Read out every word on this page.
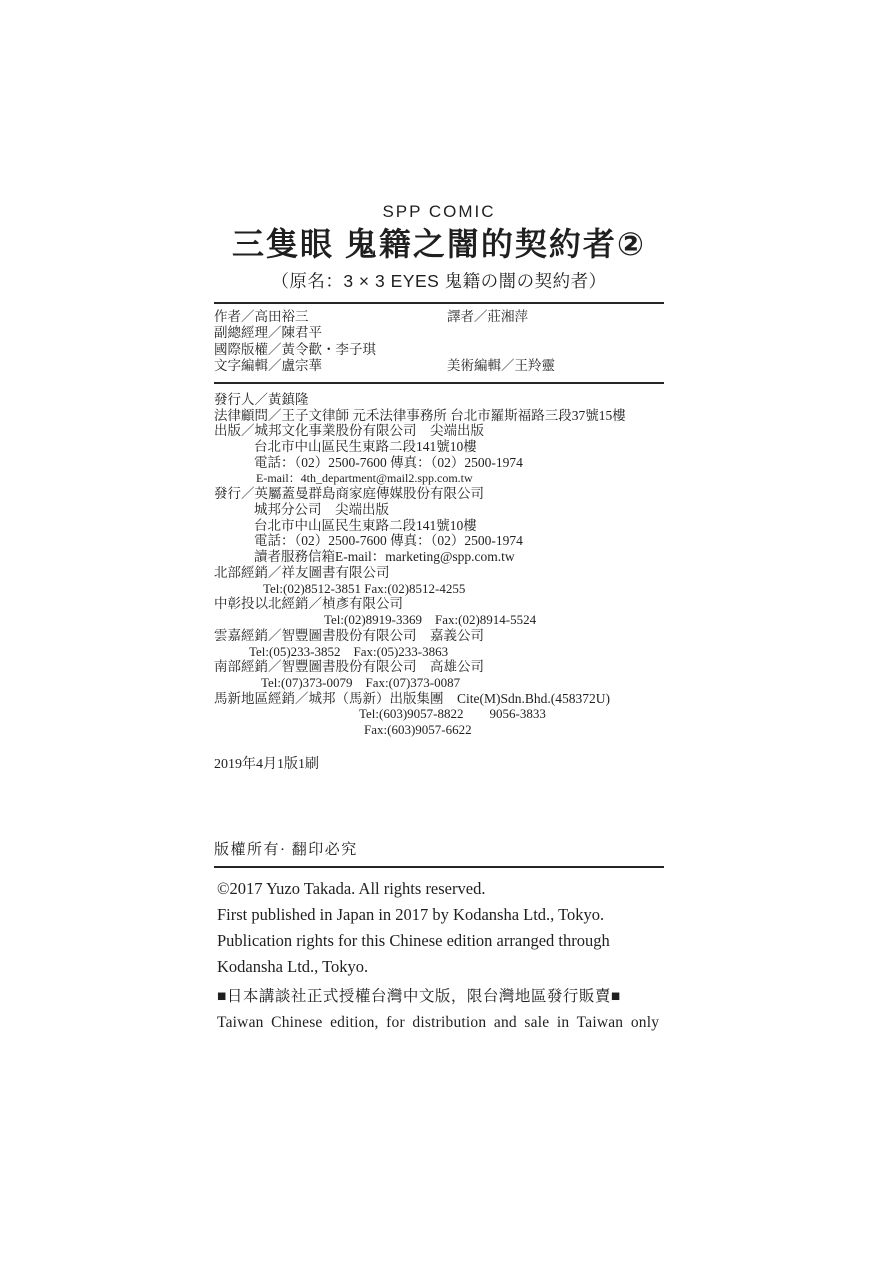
SPP COMIC
三隻眼 鬼籍之闇的契約者②
（原名：3 × 3 EYES 鬼籍の闇の契約者）
作者／高田裕三	譯者／莊湘萍
副總經理／陳君平
國際版權／黃令歡・李子琪
文字編輯／盧宗華	美術編輯／王羚靈
發行人／黃鎮隆
法律顧問／王子文律師 元禾法律事務所 台北市羅斯福路三段37號15樓
出版／城邦文化事業股份有限公司　尖端出版
台北市中山區民生東路二段141號10樓
電話：（02）2500-7600 傳真：（02）2500-1974
E-mail：4th_department@mail2.spp.com.tw
發行／英屬蓋曼群島商家庭傳媒股份有限公司
城邦分公司　尖端出版
台北市中山區民生東路二段141號10樓
電話：（02）2500-7600 傳真：（02）2500-1974
讀者服務信箱E-mail：marketing@spp.com.tw
北部經銷／祥友圖書有限公司
Tel:(02)8512-3851 Fax:(02)8512-4255
中彰投以北經銷／楨彥有限公司
Tel:(02)8919-3369　Fax:(02)8914-5524
雲嘉經銷／智豐圖書股份有限公司　嘉義公司
Tel:(05)233-3852　Fax:(05)233-3863
南部經銷／智豐圖書股份有限公司　高雄公司
Tel:(07)373-0079　Fax:(07)373-0087
馬新地區經銷／城邦（馬新）出版集團　Cite(M)Sdn.Bhd.(458372U)
Tel:(603)9057-8822　　9056-3833
Fax:(603)9057-6622
2019年4月1版1刷
版權所有· 翻印必究
©2017 Yuzo Takada. All rights reserved.
First published in Japan in 2017 by Kodansha Ltd., Tokyo.
Publication rights for this Chinese edition arranged through
Kodansha Ltd., Tokyo.
■日本講談社正式授權台灣中文版，限台灣地區發行販賣■
Taiwan Chinese edition, for distribution and sale in Taiwan only
